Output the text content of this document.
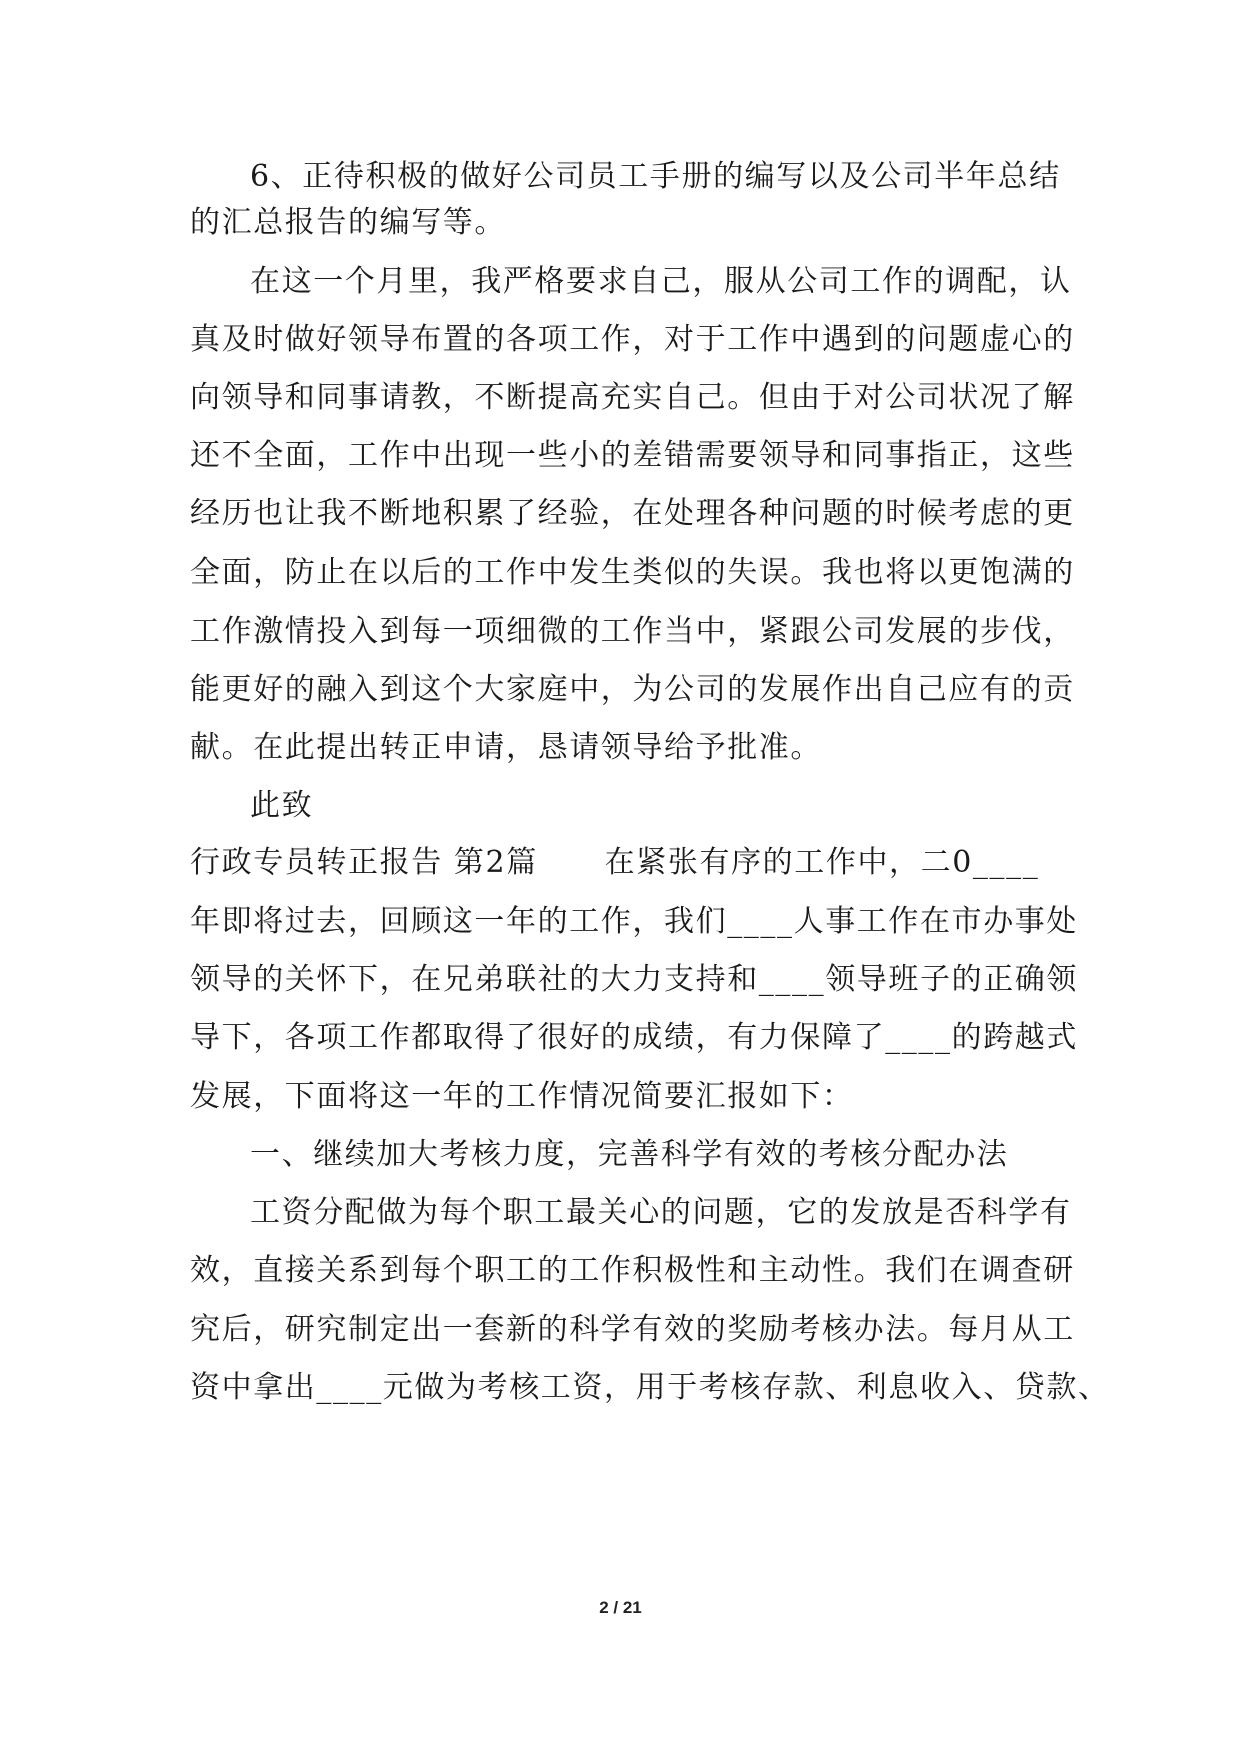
6、正待积极的做好公司员工手册的编写以及公司半年总结
的汇总报告的编写等。
在这一个月里，我严格要求自己，服从公司工作的调配，认
真及时做好领导布置的各项工作，对于工作中遇到的问题虚心的
向领导和同事请教，不断提高充实自己。但由于对公司状况了解
还不全面，工作中出现一些小的差错需要领导和同事指正，这些
经历也让我不断地积累了经验，在处理各种问题的时候考虑的更
全面，防止在以后的工作中发生类似的失误。我也将以更饱满的
工作激情投入到每一项细微的工作当中，紧跟公司发展的步伐，
能更好的融入到这个大家庭中，为公司的发展作出自己应有的贡
献。在此提出转正申请，恳请领导给予批准。
此致
行政专员转正报告 第2篇      在紧张有序的工作中，二0____
年即将过去，回顾这一年的工作，我们____人事工作在市办事处
领导的关怀下，在兄弟联社的大力支持和____领导班子的正确领
导下，各项工作都取得了很好的成绩，有力保障了____的跨越式
发展，下面将这一年的工作情况简要汇报如下：
一、继续加大考核力度，完善科学有效的考核分配办法
工资分配做为每个职工最关心的问题，它的发放是否科学有
效，直接关系到每个职工的工作积极性和主动性。我们在调查研
究后，研究制定出一套新的科学有效的奖励考核办法。每月从工
资中拿出____元做为考核工资，用于考核存款、利息收入、贷款、
2 / 21
